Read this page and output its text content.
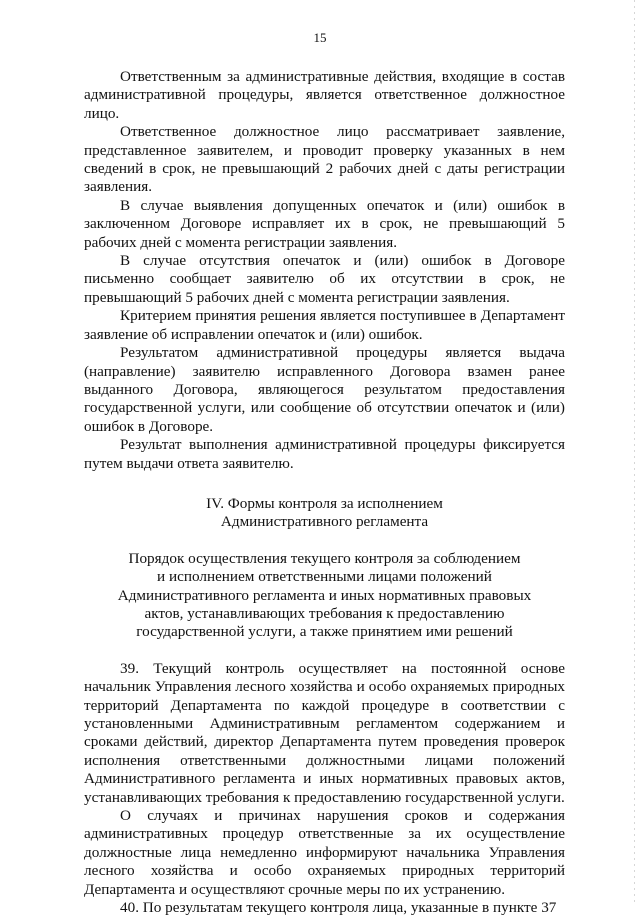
15

Ответственным за административные действия, входящие в состав административной процедуры, является ответственное должностное лицо.

Ответственное должностное лицо рассматривает заявление, представленное заявителем, и проводит проверку указанных в нем сведений в срок, не превышающий 2 рабочих дней с даты регистрации заявления.

В случае выявления допущенных опечаток и (или) ошибок в заключенном Договоре исправляет их в срок, не превышающий 5 рабочих дней с момента регистрации заявления.

В случае отсутствия опечаток и (или) ошибок в Договоре письменно сообщает заявителю об их отсутствии в срок, не превышающий 5 рабочих дней с момента регистрации заявления.

Критерием принятия решения является поступившее в Департамент заявление об исправлении опечаток и (или) ошибок.

Результатом административной процедуры является выдача (направление) заявителю исправленного Договора взамен ранее выданного Договора, являющегося результатом предоставления государственной услуги, или сообщение об отсутствии опечаток и (или) ошибок в Договоре.

Результат выполнения административной процедуры фиксируется путем выдачи ответа заявителю.

IV. Формы контроля за исполнением
Административного регламента
Порядок осуществления текущего контроля за соблюдением
и исполнением ответственными лицами положений
Административного регламента и иных нормативных правовых
актов, устанавливающих требования к предоставлению
государственной услуги, а также принятием ими решений

39. Текущий контроль осуществляет на постоянной основе начальник Управления лесного хозяйства и особо охраняемых природных территорий Департамента по каждой процедуре в соответствии с установленными Административным регламентом содержанием и сроками действий, директор Департамента путем проведения проверок исполнения ответственными должностными лицами положений Административного регламента и иных нормативных правовых актов, устанавливающих требования к предоставлению государственной услуги.

О случаях и причинах нарушения сроков и содержания административных процедур ответственные за их осуществление должностные лица немедленно информируют начальника Управления лесного хозяйства и особо охраняемых природных территорий Департамента и осуществляют срочные меры по их устранению.

40. По результатам текущего контроля лица, указанные в пункте 37
